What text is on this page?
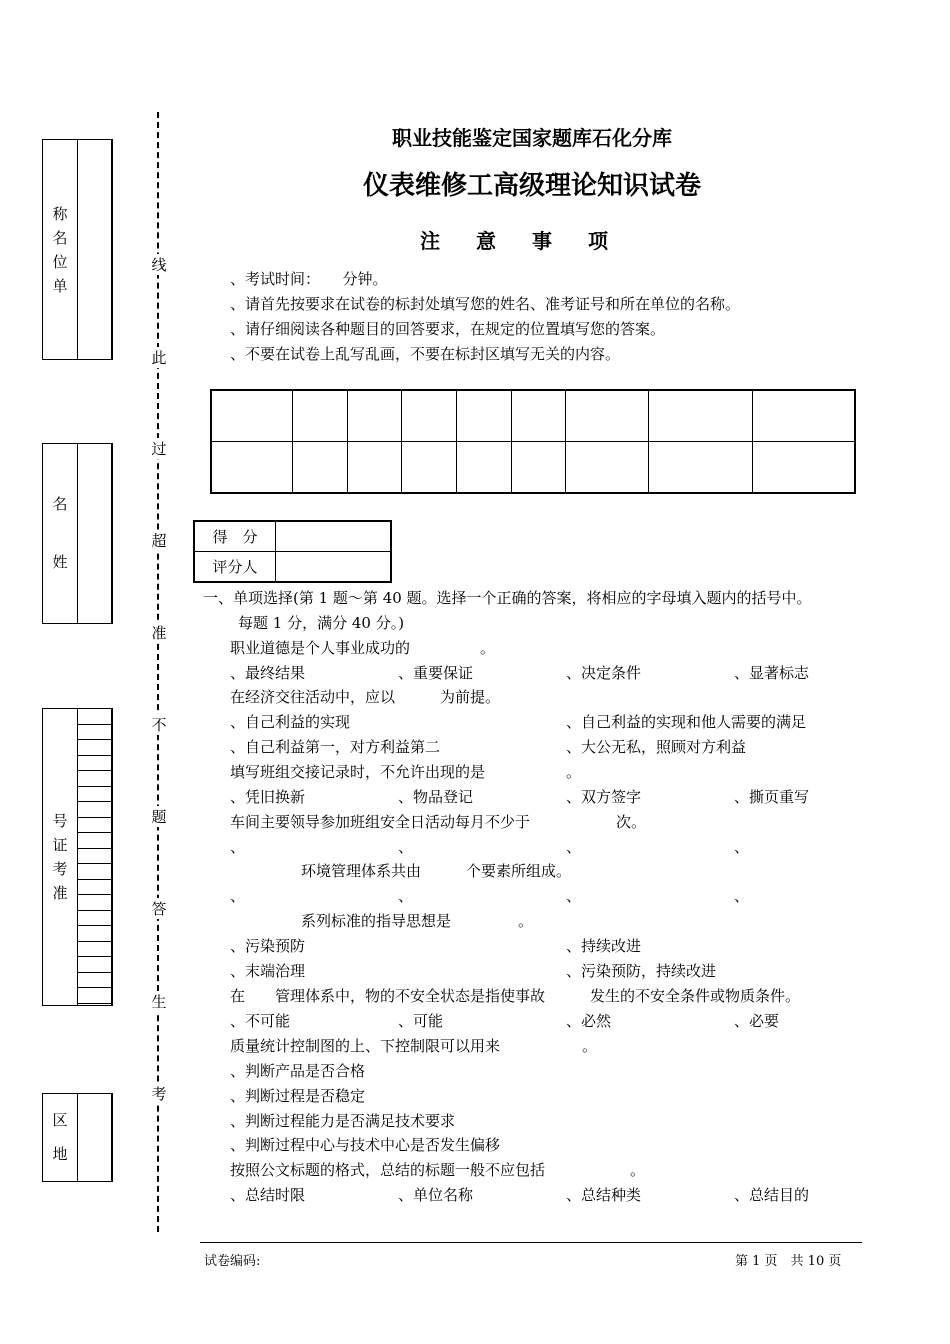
称
名
位
单
名
姓
号
证
考
准
区
地
线
此
过
超
准
不
题
答
生
考
职业技能鉴定国家题库石化分库
仪表维修工高级理论知识试卷
注意事项
、考试时间：　　分钟。
、请首先按要求在试卷的标封处填写您的姓名、准考证号和所在单位的名称。
、请仔细阅读各种题目的回答要求，在规定的位置填写您的答案。
、不要在试卷上乱写乱画，不要在标封区填写无关的内容。

得　分	
评分人	
一、单项选择(第 1 题～第 40 题。选择一个正确的答案，将相应的字母填入题内的括号中。
每题 1 分，满分 40 分。)
职业道德是个人事业成功的	。
、最终结果	、重要保证	、决定条件	、显著标志
在经济交往活动中，应以　　　为前提。
、自己利益的实现	、自己利益的实现和他人需要的满足
、自己利益第一，对方利益第二	、大公无私，照顾对方利益
填写班组交接记录时，不允许出现的是	。
、凭旧换新	、物品登记	、双方签字	、撕页重写
车间主要领导参加班组安全日活动每月不少于	次。
、	、	、	、
环境管理体系共由　　　个要素所组成。
、	、	、	、
系列标准的指导思想是	。
、污染预防	、持续改进
、末端治理	、污染预防，持续改进
在　　管理体系中，物的不安全状态是指使事故　　　发生的不安全条件或物质条件。
、不可能	、可能	、必然	、必要
质量统计控制图的上、下控制限可以用来	。
、判断产品是否合格
、判断过程是否稳定
、判断过程能力是否满足技术要求
、判断过程中心与技术中心是否发生偏移
按照公文标题的格式，总结的标题一般不应包括	。
、总结时限	、单位名称	、总结种类	、总结目的
试卷编码:	第 1 页　共 10 页
